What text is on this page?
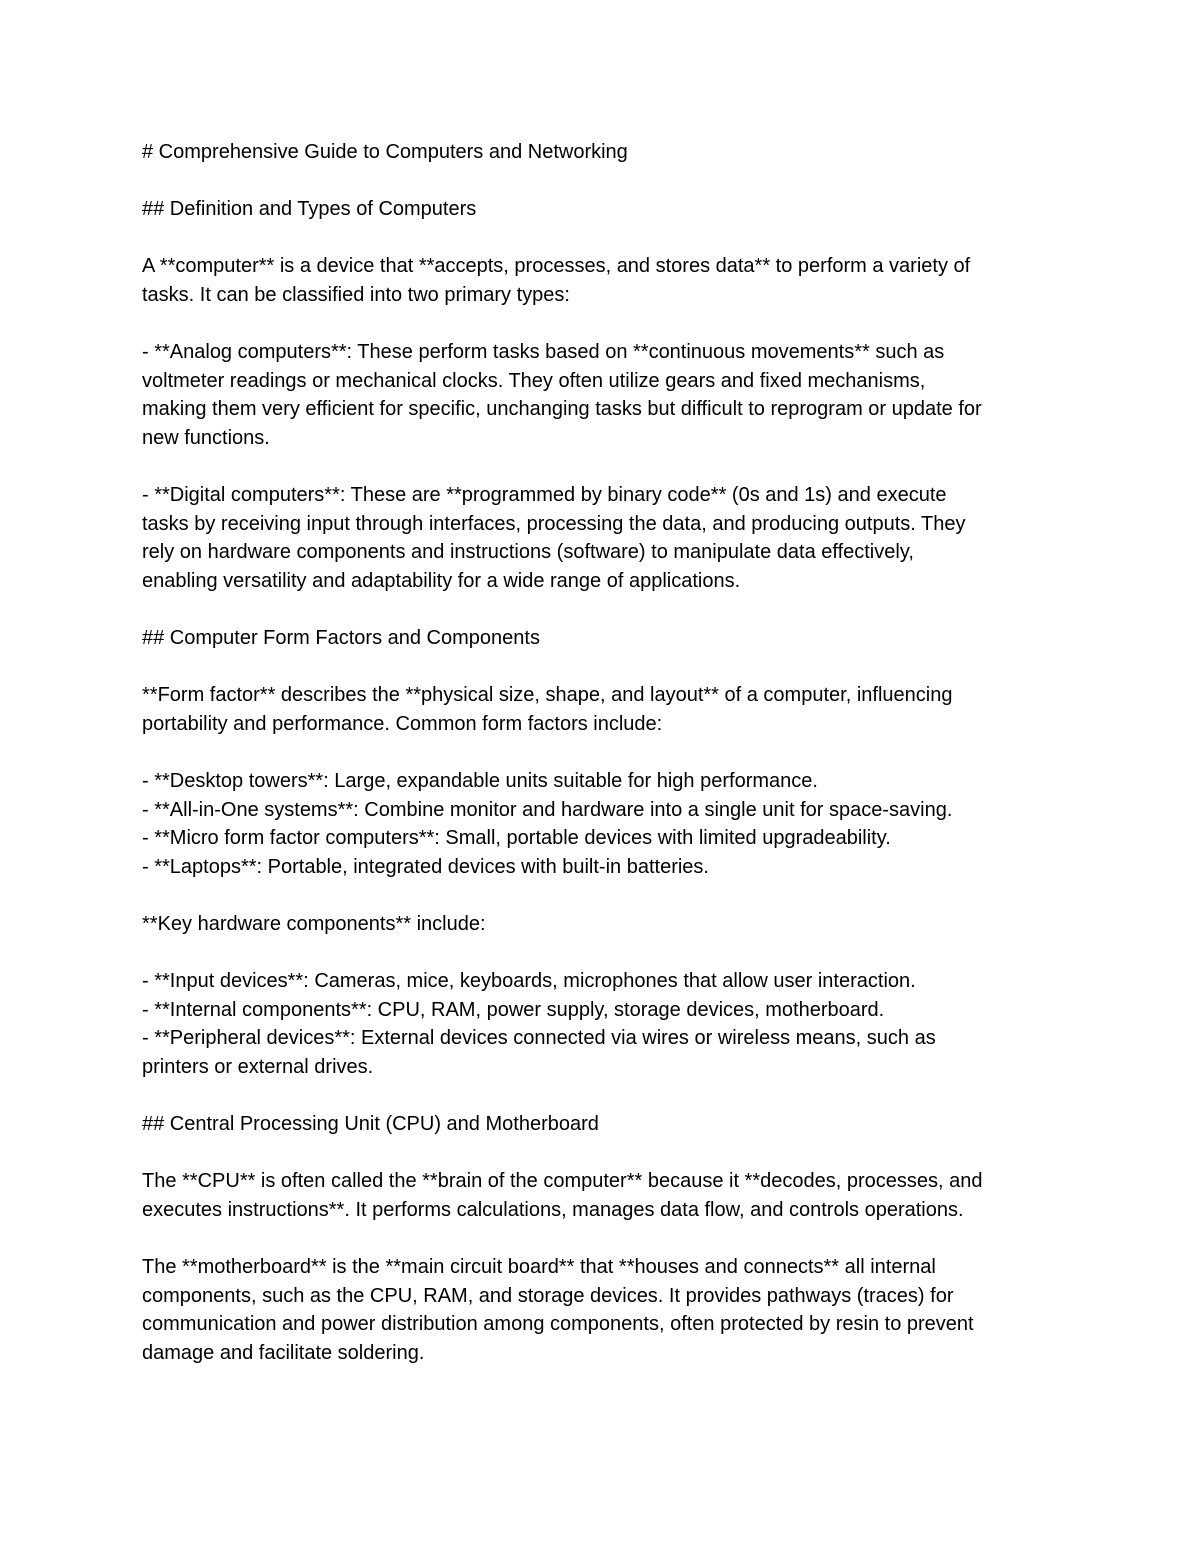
# Comprehensive Guide to Computers and Networking

## Definition and Types of Computers

A **computer** is a device that **accepts, processes, and stores data** to perform a variety of
tasks. It can be classified into two primary types:

- **Analog computers**: These perform tasks based on **continuous movements** such as
voltmeter readings or mechanical clocks. They often utilize gears and fixed mechanisms,
making them very efficient for specific, unchanging tasks but difficult to reprogram or update for
new functions.

- **Digital computers**: These are **programmed by binary code** (0s and 1s) and execute
tasks by receiving input through interfaces, processing the data, and producing outputs. They
rely on hardware components and instructions (software) to manipulate data effectively,
enabling versatility and adaptability for a wide range of applications.

## Computer Form Factors and Components

**Form factor** describes the **physical size, shape, and layout** of a computer, influencing
portability and performance. Common form factors include:

- **Desktop towers**: Large, expandable units suitable for high performance.
- **All-in-One systems**: Combine monitor and hardware into a single unit for space-saving.
- **Micro form factor computers**: Small, portable devices with limited upgradeability.
- **Laptops**: Portable, integrated devices with built-in batteries.

**Key hardware components** include:

- **Input devices**: Cameras, mice, keyboards, microphones that allow user interaction.
- **Internal components**: CPU, RAM, power supply, storage devices, motherboard.
- **Peripheral devices**: External devices connected via wires or wireless means, such as
printers or external drives.

## Central Processing Unit (CPU) and Motherboard

The **CPU** is often called the **brain of the computer** because it **decodes, processes, and
executes instructions**. It performs calculations, manages data flow, and controls operations.

The **motherboard** is the **main circuit board** that **houses and connects** all internal
components, such as the CPU, RAM, and storage devices. It provides pathways (traces) for
communication and power distribution among components, often protected by resin to prevent
damage and facilitate soldering.
